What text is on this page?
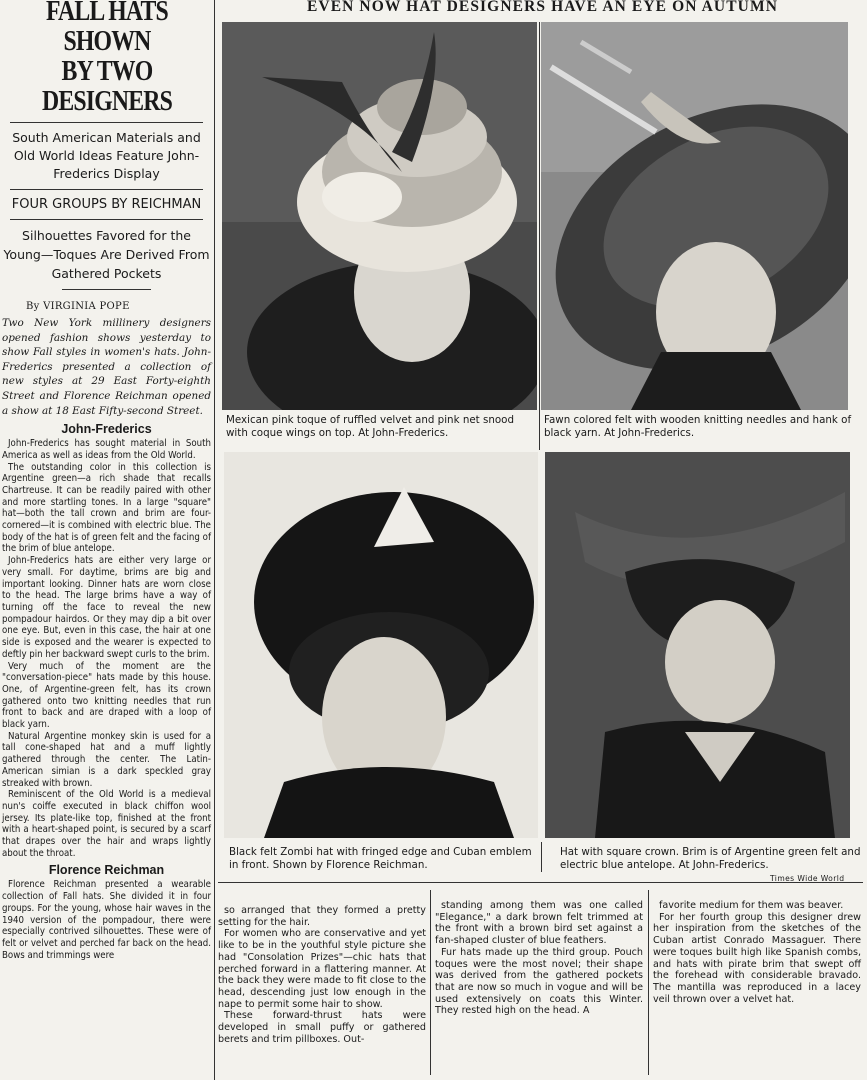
FALL HATS SHOWN
BY TWO DESIGNERS
South American Materials and Old World Ideas Feature John-Frederics Display
FOUR GROUPS BY REICHMAN
Silhouettes Favored for the Young—Toques Are Derived From Gathered Pockets
By VIRGINIA POPE
Two New York millinery designers opened fashion shows yesterday to show Fall styles in women's hats. John-Frederics presented a collection of new styles at 29 East Forty-eighth Street and Florence Reichman opened a show at 18 East Fifty-second Street.
John-Frederics

John-Frederics has sought material in South America as well as ideas from the Old World.

The outstanding color in this collection is Argentine green—a rich shade that recalls Chartreuse. It can be readily paired with other and more startling tones. In a large "square" hat—both the tall crown and brim are four-cornered—it is combined with electric blue. The body of the hat is of green felt and the facing of the brim of blue antelope.

John-Frederics hats are either very large or very small. For daytime, brims are big and important looking. Dinner hats are worn close to the head. The large brims have a way of turning off the face to reveal the new pompadour hairdos. Or they may dip a bit over one eye. But, even in this case, the hair at one side is exposed and the wearer is expected to deftly pin her backward swept curls to the brim.

Very much of the moment are the "conversation-piece" hats made by this house. One, of Argentine-green felt, has its crown gathered onto two knitting needles that run front to back and are draped with a loop of black yarn.

Natural Argentine monkey skin is used for a tall cone-shaped hat and a muff lightly gathered through the center. The Latin-American simian is a dark speckled gray streaked with brown.

Reminiscent of the Old World is a medieval nun's coiffe executed in black chiffon wool jersey. Its plate-like top, finished at the front with a heart-shaped point, is secured by a scarf that drapes over the hair and wraps lightly about the throat.

Florence Reichman

Florence Reichman presented a wearable collection of Fall hats. She divided it in four groups. For the young, whose hair waves in the 1940 version of the pompadour, there were especially contrived silhouettes. These were of felt or velvet and perched far back on the head. Bows and trimmings were

EVEN NOW HAT DESIGNERS HAVE AN EYE ON AUTUMN
Mexican pink toque of ruffled velvet and pink net snood with coque wings on top. At John-Frederics.
Fawn colored felt with wooden knitting needles and hank of black yarn. At John-Frederics.
Black felt Zombi hat with fringed edge and Cuban emblem in front. Shown by Florence Reichman.
Hat with square crown. Brim is of Argentine green felt and electric blue antelope. At John-Frederics.
Times Wide World

so arranged that they formed a pretty setting for the hair.

For women who are conservative and yet like to be in the youthful style picture she had "Consolation Prizes"—chic hats that perched forward in a flattering manner. At the back they were made to fit close to the head, descending just low enough in the nape to permit some hair to show.

These forward-thrust hats were developed in small puffy or gathered berets and trim pillboxes. Out-

standing among them was one called "Elegance," a dark brown felt trimmed at the front with a brown bird set against a fan-shaped cluster of blue feathers.

Fur hats made up the third group. Pouch toques were the most novel; their shape was derived from the gathered pockets that are now so much in vogue and will be used extensively on coats this Winter. They rested high on the head. A

favorite medium for them was beaver.

For her fourth group this designer drew her inspiration from the sketches of the Cuban artist Conrado Massaguer. There were toques built high like Spanish combs, and hats with pirate brim that swept off the forehead with considerable bravado. The mantilla was reproduced in a lacey veil thrown over a velvet hat.
